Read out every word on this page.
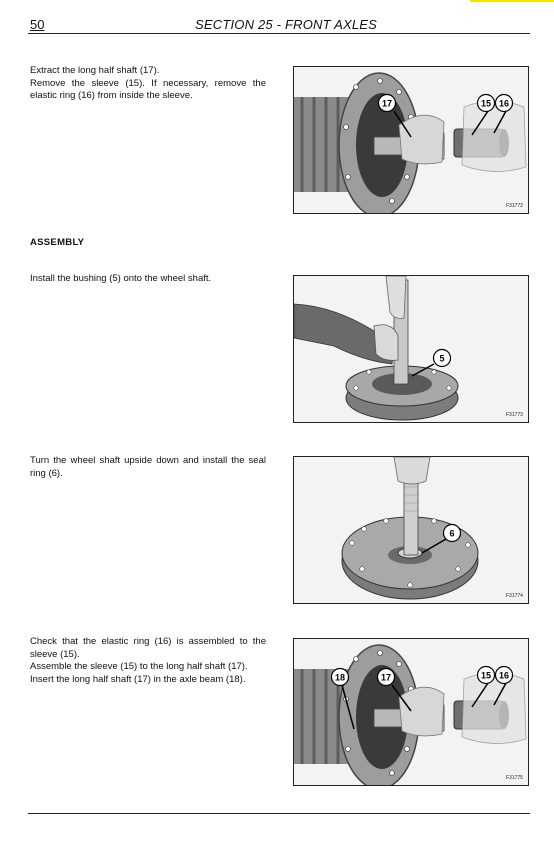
50	SECTION 25 - FRONT AXLES

Extract the long half shaft (17).

Remove the sleeve (15). If necessary, remove the elastic ring (16) from inside the sleeve.

17	15 16
F31772
ASSEMBLY

Install the bushing (5) onto the wheel shaft.

5
F31773

Turn the wheel shaft upside down and install the seal ring (6).

6
F31774

Check that the elastic ring (16) is assembled to the sleeve (15).

Assemble the sleeve (15) to the long half shaft (17).

Insert the long half shaft (17) in the axle beam (18).	18	17	15 16
F31775
